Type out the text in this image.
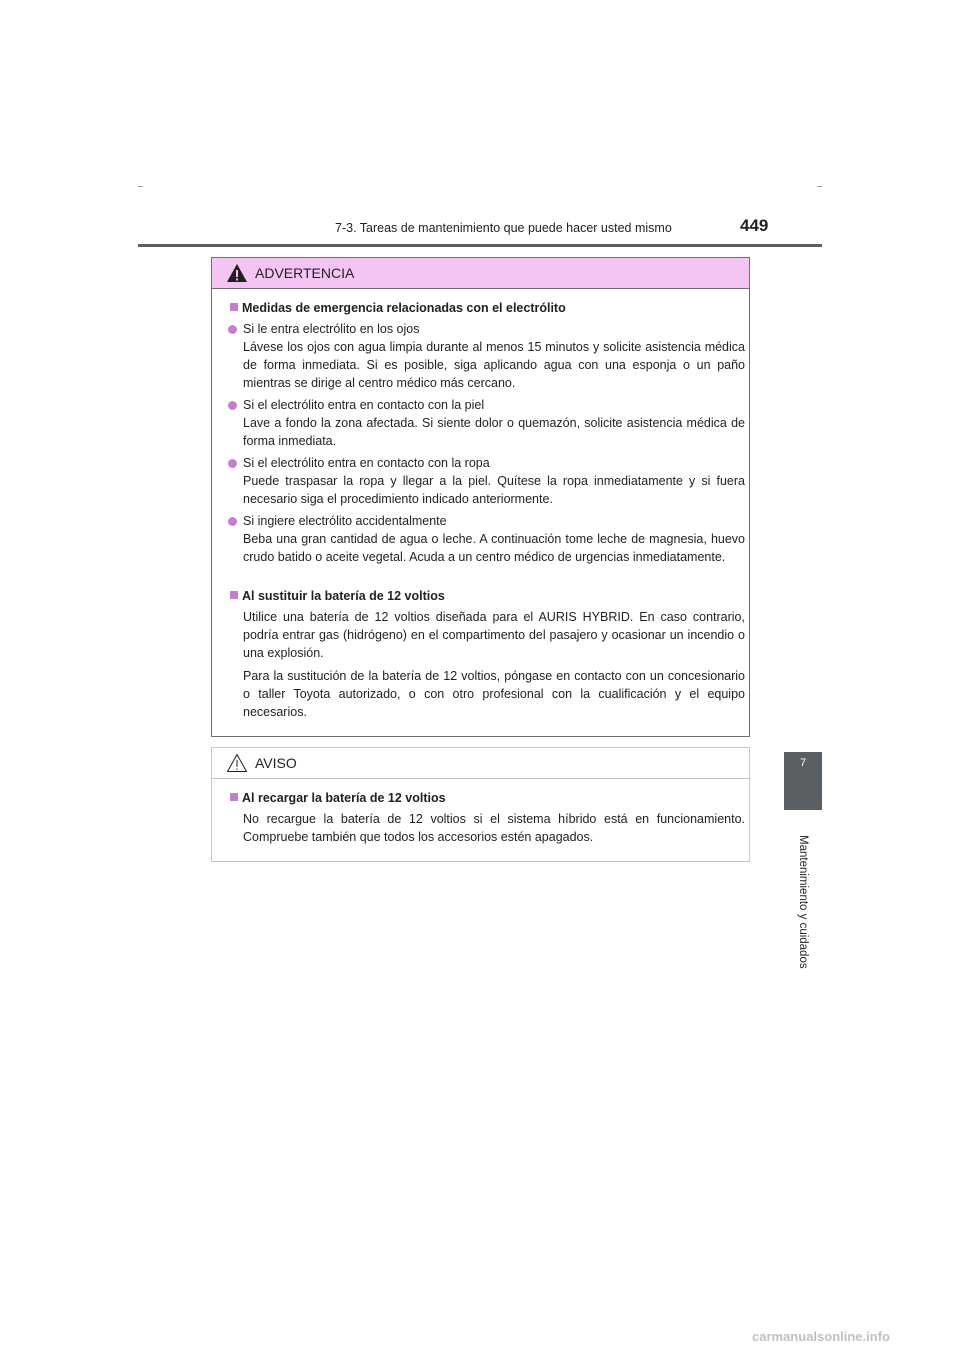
7-3. Tareas de mantenimiento que puede hacer usted mismo	449
7
Mantenimiento y cuidados
ADVERTENCIA
Medidas de emergencia relacionadas con el electrólito

Si le entra electrólito en los ojos

Lávese los ojos con agua limpia durante al menos 15 minutos y solicite asistencia médica de forma inmediata. Si es posible, siga aplicando agua con una esponja o un paño mientras se dirige al centro médico más cercano.

Si el electrólito entra en contacto con la piel

Lave a fondo la zona afectada. Si siente dolor o quemazón, solicite asistencia médica de forma inmediata.

Si el electrólito entra en contacto con la ropa

Puede traspasar la ropa y llegar a la piel. Quítese la ropa inmediatamente y si fuera necesario siga el procedimiento indicado anteriormente.

Si ingiere electrólito accidentalmente

Beba una gran cantidad de agua o leche. A continuación tome leche de magnesia, huevo crudo batido o aceite vegetal. Acuda a un centro médico de urgencias inmediatamente.

Al sustituir la batería de 12 voltios

Utilice una batería de 12 voltios diseñada para el AURIS HYBRID. En caso contrario, podría entrar gas (hidrógeno) en el compartimento del pasajero y ocasionar un incendio o una explosión.

Para la sustitución de la batería de 12 voltios, póngase en contacto con un concesionario o taller Toyota autorizado, o con otro profesional con la cualificación y el equipo necesarios.

AVISO
Al recargar la batería de 12 voltios

No recargue la batería de 12 voltios si el sistema híbrido está en funcionamiento. Compruebe también que todos los accesorios estén apagados.

carmanualsonline.info
